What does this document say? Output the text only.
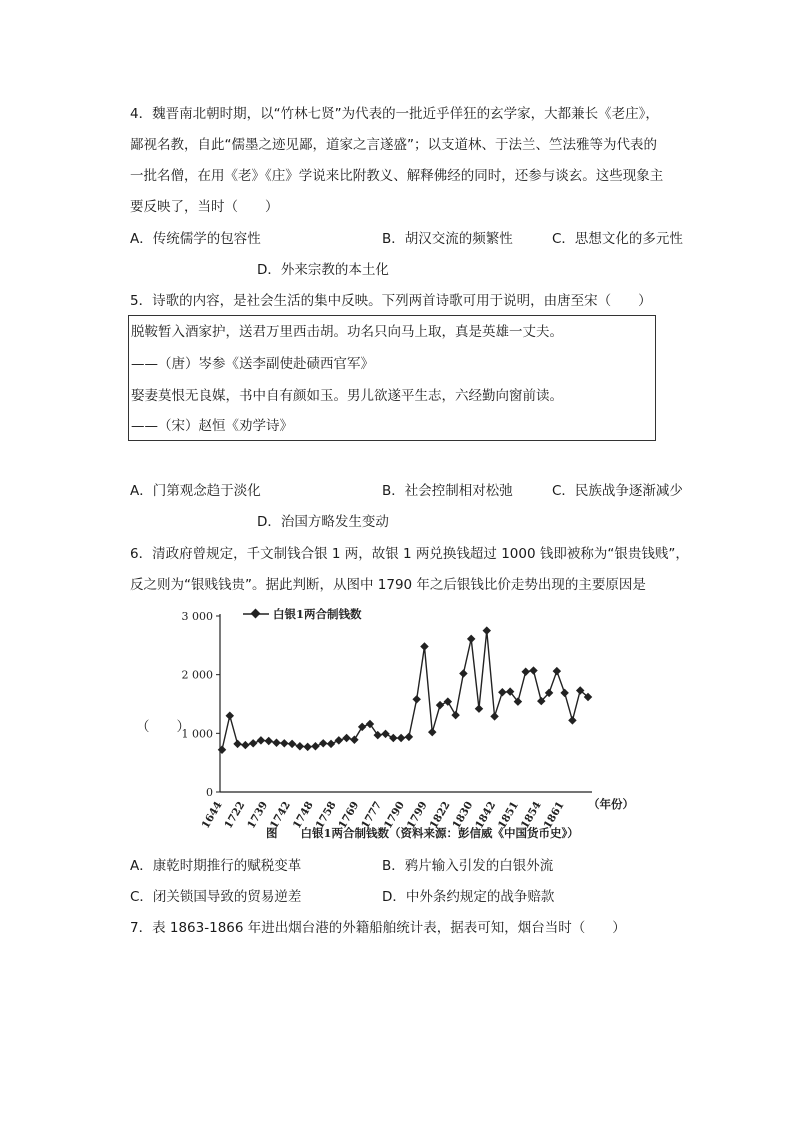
4．魏晋南北朝时期，以“竹林七贤”为代表的一批近乎佯狂的玄学家，大都兼长《老庄》，
鄙视名教，自此“儒墨之迹见鄙，道家之言遂盛”；以支道林、于法兰、竺法雅等为代表的
一批名僧，在用《老》《庄》学说来比附教义、解释佛经的同时，还参与谈玄。这些现象主
要反映了，当时（　　）
A．传统儒学的包容性	B．胡汉交流的频繁性	C．思想文化的多元性
D．外来宗教的本土化
5．诗歌的内容，是社会生活的集中反映。下列两首诗歌可用于说明，由唐至宋（　　）
脱鞍暂入酒家护，送君万里西击胡。功名只向马上取，真是英雄一丈夫。
——（唐）岑参《送李副使赴碛西官军》
娶妻莫恨无良媒，书中自有颜如玉。男儿欲遂平生志，六经勤向窗前读。
——（宋）赵恒《劝学诗》
A．门第观念趋于淡化	B．社会控制相对松弛	C．民族战争逐渐减少
D．治国方略发生变动
6．清政府曾规定，千文制钱合银 1 两，故银 1 两兑换钱超过 1000 钱即被称为“银贵钱贱”，
反之则为“银贱钱贵”。据此判断，从图中 1790 年之后银钱比价走势出现的主要原因是
3 000
2 000
1 000
0
1644
1722
1739
1742
1748
1758
1769
1777
1790
1799
1822
1830
1842
1851
1854
1861
白银1两合制钱数
（年份）
图　　白银1两合制钱数（资料来源：彭信威《中国货币史》）
（　　）
A．康乾时期推行的赋税变革	B．鸦片输入引发的白银外流
C．闭关锁国导致的贸易逆差	D．中外条约规定的战争赔款
7．表 1863-1866 年进出烟台港的外籍船舶统计表，据表可知，烟台当时（　　）
